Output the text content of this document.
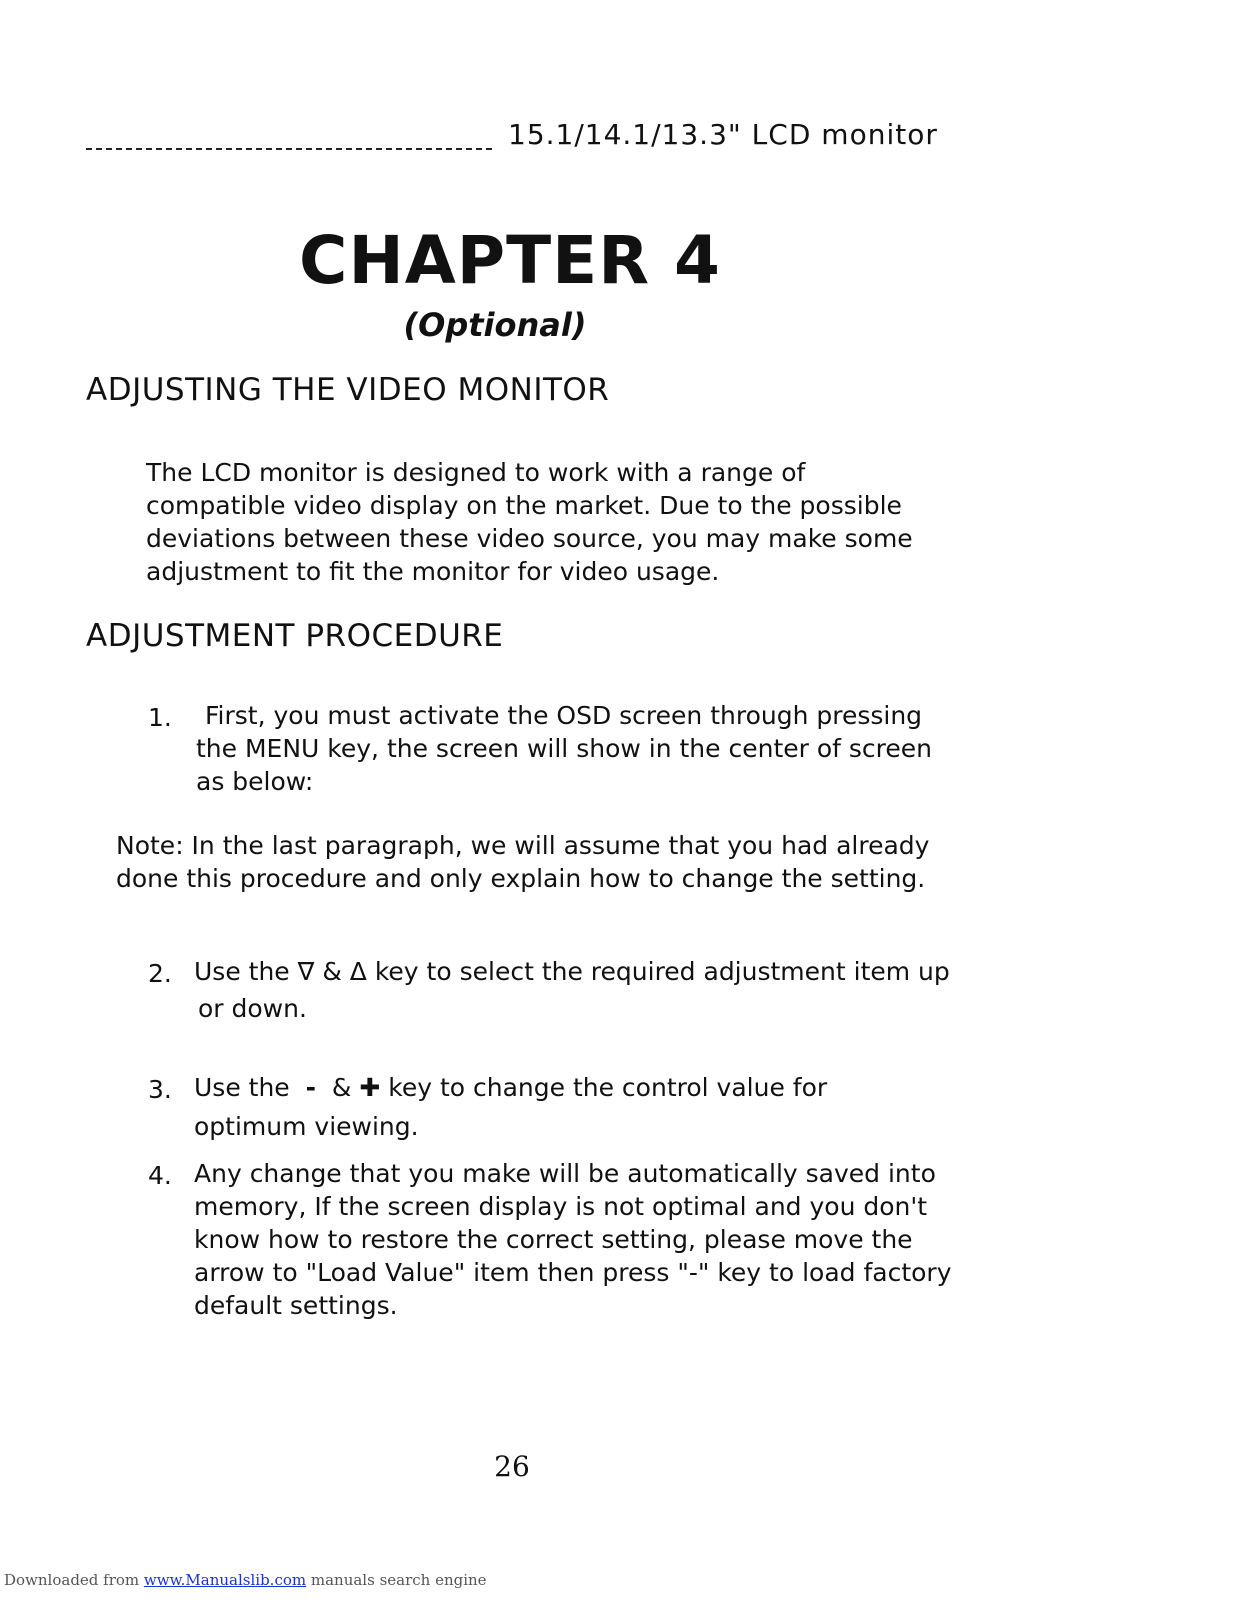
15.1/14.1/13.3" LCD monitor
CHAPTER 4
(Optional)
ADJUSTING THE VIDEO MONITOR
The LCD monitor is designed to work with a range of
compatible video display on the market. Due to the possible
deviations between these video source, you may make some
adjustment to fit the monitor for video usage.
ADJUSTMENT PROCEDURE
1. First, you must activate the OSD screen through pressing
the MENU key, the screen will show in the center of screen
as below:
Note: In the last paragraph, we will assume that you had already
done this procedure and only explain how to change the setting.
2. Use the ∇ & Δ key to select the required adjustment item up
or down.
3. Use the - & ✚ key to change the control value for
optimum viewing.
4. Any change that you make will be automatically saved into
memory, If the screen display is not optimal and you don't
know how to restore the correct setting, please move the
arrow to "Load Value" item then press "-" key to load factory
default settings.
26
Downloaded from www.Manualslib.com manuals search engine
